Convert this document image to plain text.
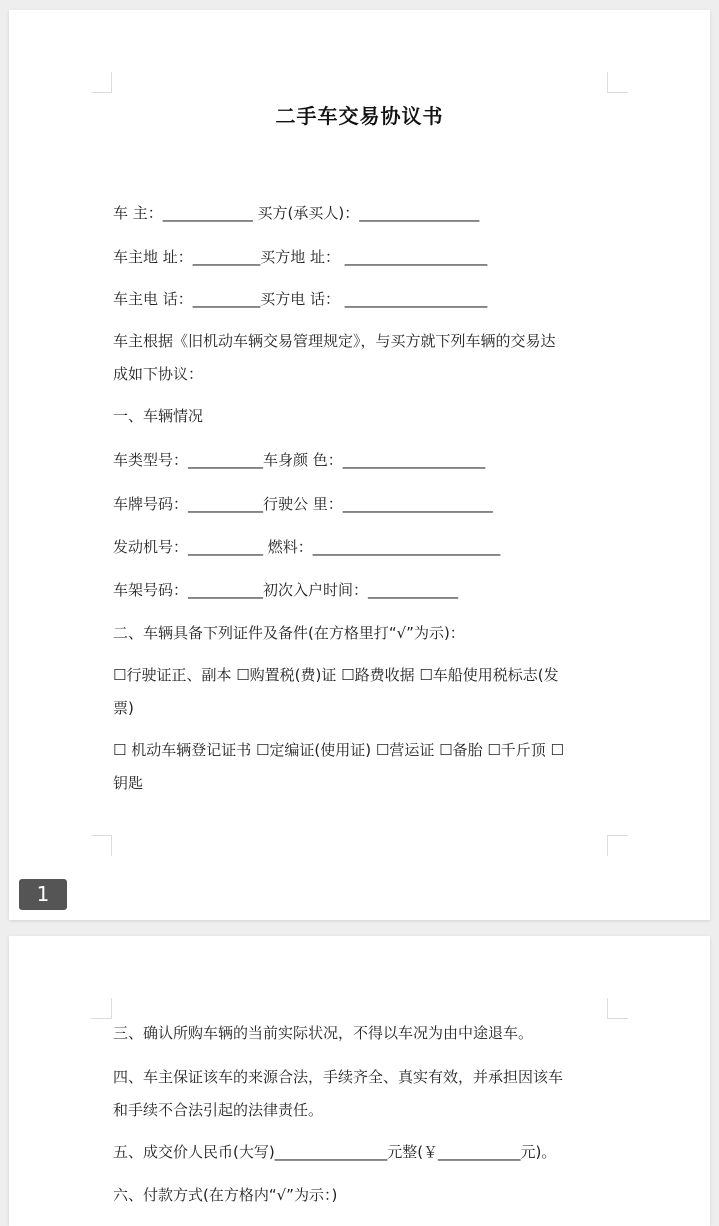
二手车交易协议书
车 主：____________ 买方(承买人)：________________
车主地 址：_________买方地 址： ___________________
车主电 话：_________买方电 话： ___________________
车主根据《旧机动车辆交易管理规定》，与买方就下列车辆的交易达
成如下协议：
一、车辆情况
车类型号：__________车身颜 色：___________________
车牌号码：__________行驶公 里：____________________
发动机号：__________ 燃料：_________________________
车架号码：__________初次入户时间：____________
二、车辆具备下列证件及备件(在方格里打“√”为示)：
☐行驶证正、副本 ☐购置税(费)证 ☐路费收据 ☐车船使用税标志(发
票)
☐ 机动车辆登记证书 ☐定编证(使用证) ☐营运证 ☐备胎 ☐千斤顶 ☐
钥匙
1
三、确认所购车辆的当前实际状况，不得以车况为由中途退车。
四、车主保证该车的来源合法，手续齐全、真实有效，并承担因该车
和手续不合法引起的法律责任。
五、成交价人民币(大写)_______________元整(￥___________元)。
六、付款方式(在方格内“√”为示：)
